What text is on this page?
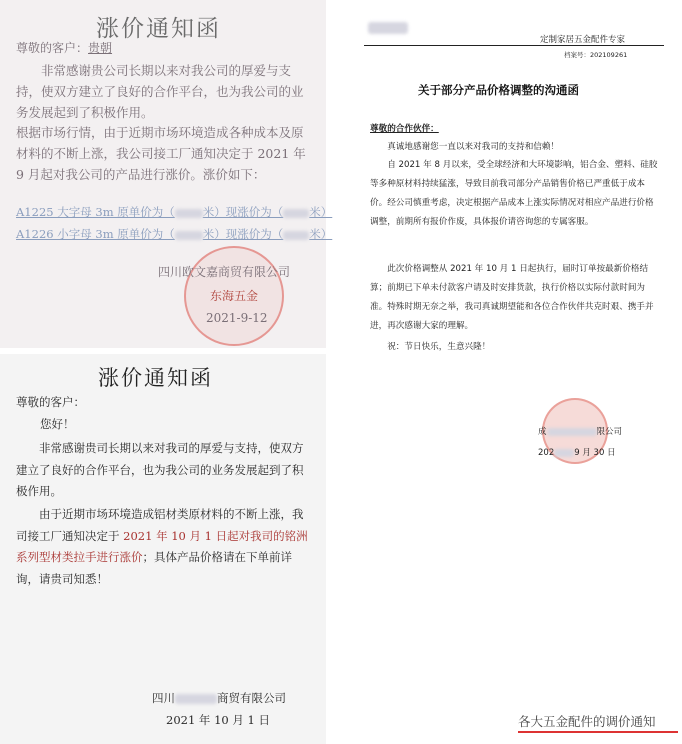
涨价通知函
尊敬的客户：贵朝
非常感谢贵公司长期以来对我公司的厚爱与支持，使双方建立了良好的合作平台，也为我公司的业务发展起到了积极作用。
根据市场行情，由于近期市场环境造成各种成本及原材料的不断上涨，我公司接工厂通知决定于 2021 年 9 月起对我公司的产品进行涨价。涨价如下：
A1225 大字母 3m 原单价为（ 米）现涨价为（ 米）
A1226 小字母 3m 原单价为（ 米）现涨价为（ 米）
四川欧文嘉商贸有限公司
东海五金
2021-9-12
定制家居五金配件专家
档案号：202109261
关于部分产品价格调整的沟通函
尊敬的合作伙伴：
真诚地感谢您一直以来对我司的支持和信赖！
自 2021 年 8 月以来，受全球经济和大环境影响，铝合金、塑料、硅胶等多种原材料持续猛涨，导致目前我司部分产品销售价格已严重低于成本价。经公司慎重考虑，决定根据产品成本上涨实际情况对相应产品进行价格调整，前期所有报价作废，具体报价请咨询您的专属客服。
此次价格调整从 2021 年 10 月 1 日起执行，届时订单按最新价格结算；前期已下单未付款客户请及时安排货款，执行价格以实际付款时间为准。特殊时期无奈之举，我司真诚期望能和各位合作伙伴共克时艰、携手并进，再次感谢大家的理解。
祝：节日快乐，生意兴隆！
成	限公司
202 9 月 30 日
涨价通知函
尊敬的客户：
您好！
非常感谢贵司长期以来对我司的厚爱与支持，使双方建立了良好的合作平台，也为我公司的业务发展起到了积极作用。
由于近期市场环境造成铝材类原材料的不断上涨，我司接工厂通知决定于 2021 年 10 月 1 日起对我司的铭洲系列型材类拉手进行涨价；具体产品价格请在下单前详询，请贵司知悉！
四川	商贸有限公司
2021 年 10 月 1 日	各大五金配件的调价通知
